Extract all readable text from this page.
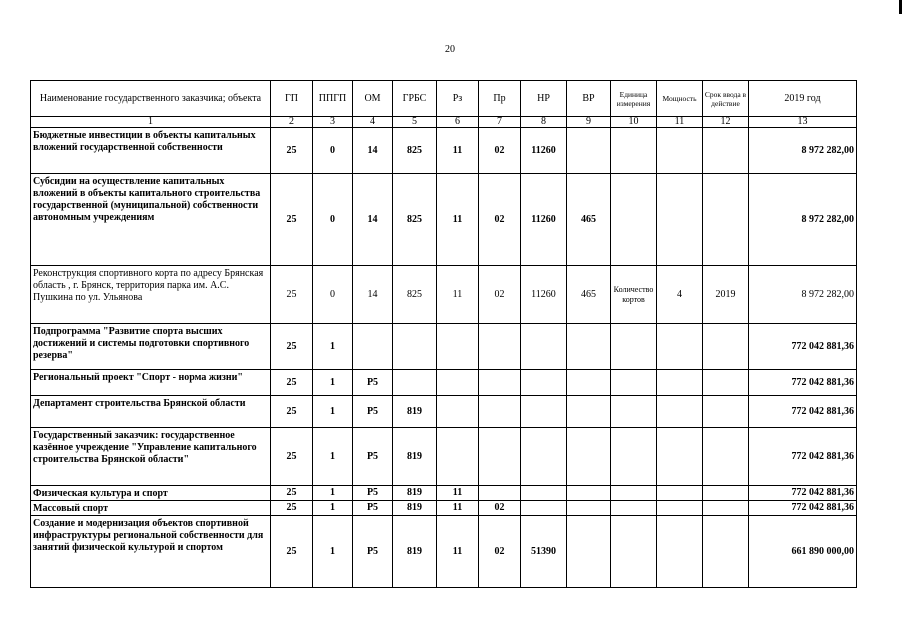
20
Наименование государственного заказчика; объекта	ГП	ППГП	ОМ	ГРБС	Рз	Пр	НР	ВР	Единица измерения	Мощность	Срок ввода в действие	2019 год
1	2	3	4	5	6	7	8	9	10	11	12	13
Бюджетные инвестиции в объекты капитальных вложений государственной собственности	25	0	14	825	11	02	11260					8 972 282,00
Субсидии на осуществление капитальных вложений в объекты капитального строительства государственной (муниципальной) собственности автономным учреждениям	25	0	14	825	11	02	11260	465				8 972 282,00
Реконструкция спортивного корта по адресу Брянская область , г. Брянск, территория парка им. А.С. Пушкина по ул. Ульянова	25	0	14	825	11	02	11260	465	Количество кортов	4	2019	8 972 282,00
Подпрограмма "Развитие спорта высших достижений и системы подготовки спортивного резерва"	25	1										772 042 881,36
Региональный проект "Спорт - норма жизни"	25	1	P5									772 042 881,36
Департамент строительства Брянской области	25	1	P5	819								772 042 881,36
Государственный заказчик: государственное казённое учреждение "Управление капитального строительства Брянской области"	25	1	P5	819								772 042 881,36
Физическая культура и спорт	25	1	P5	819	11							772 042 881,36
Массовый спорт	25	1	P5	819	11	02						772 042 881,36
Создание и модернизация объектов спортивной инфраструктуры региональной собственности для занятий физической культурой и спортом	25	1	P5	819	11	02	51390					661 890 000,00
